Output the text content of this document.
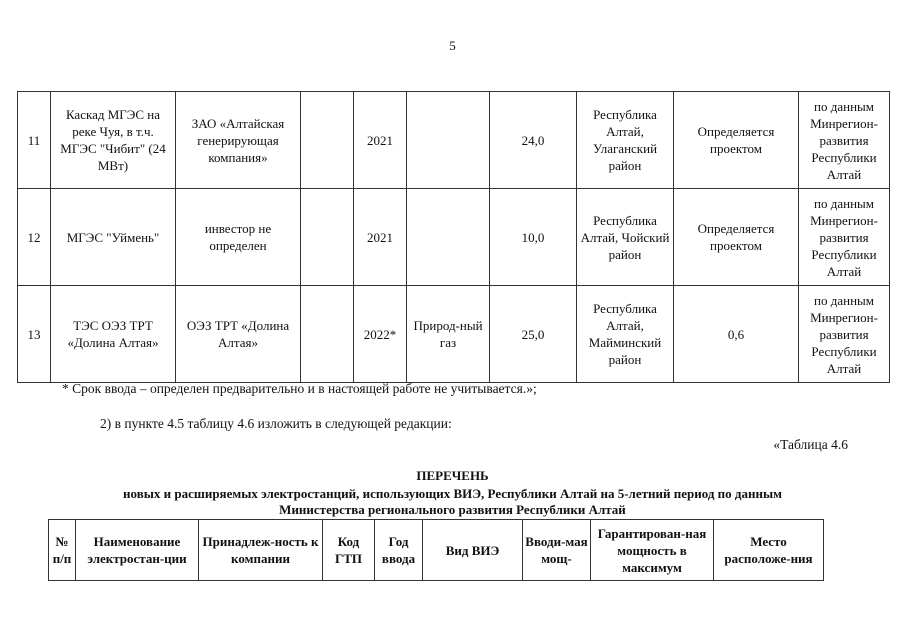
5
11	Каскад МГЭС на реке Чуя, в т.ч. МГЭС "Чибит" (24 МВт)	ЗАО «Алтайская генерирующая компания»		2021		24,0	Республика Алтай, Улаганский район	Определяется проектом	по данным Минрегион-развития Республики Алтай
12	МГЭС "Уймень"	инвестор не определен		2021		10,0	Республика Алтай, Чойский район	Определяется проектом	по данным Минрегион-развития Республики Алтай
13	ТЭС ОЭЗ ТРТ «Долина Алтая»	ОЭЗ ТРТ «Долина Алтая»		2022*	Природ-ный газ	25,0	Республика Алтай, Майминский район	0,6	по данным Минрегион-развития Республики Алтай
* Срок ввода – определен предварительно и в настоящей работе не учитывается.»;
2) в пункте 4.5 таблицу 4.6 изложить в следующей редакции:
«Таблица 4.6
ПЕРЕЧЕНЬ
новых и расширяемых электростанций, использующих ВИЭ, Республики Алтай на 5-летний период по данным
Министерства регионального развития Республики Алтай
№ п/п	Наименование электростан-ции	Принадлеж-ность к компании	Код ГТП	Год ввода	Вид ВИЭ	Вводи-мая мощ-	Гарантирован-ная мощность в максимум	Место расположе-ния
